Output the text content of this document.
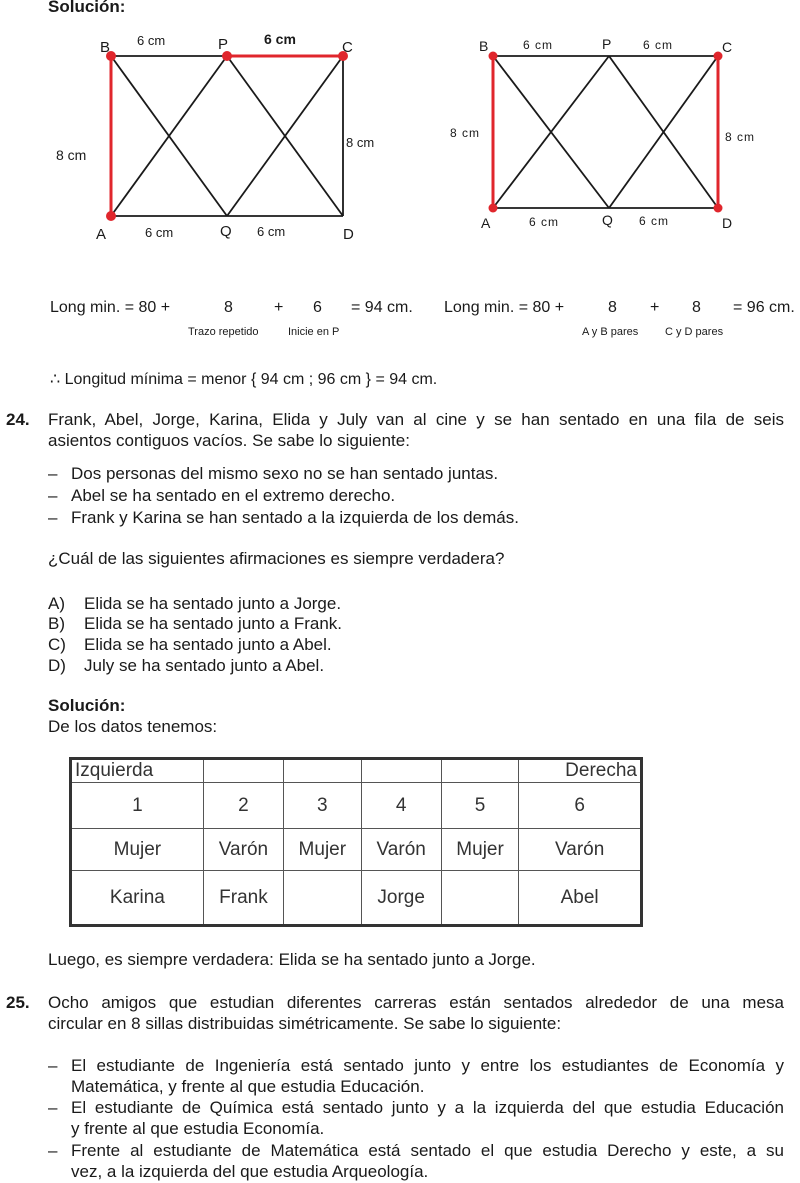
Solución:
B	P	C
A	Q	D
6 cm	6 cm
8 cm
8 cm
6 cm	6 cm
B	P	C
A	Q	D
6 cm	6 cm
8 cm	8 cm
6 cm	6 cm
Long min. = 80 +	8	+ 6 = 94 cm.
Trazo repetido	Inicie en P
Long min. = 80 +	8 + 8 = 96 cm.
A y B pares C y D pares
∴ Longitud mínima = menor { 94 cm ; 96 cm } = 94 cm.
24. Frank, Abel, Jorge, Karina, Elida y July van al cine y se han sentado en una fila de seis
asientos contiguos vacíos. Se sabe lo siguiente:
– Dos personas del mismo sexo no se han sentado juntas.
– Abel se ha sentado en el extremo derecho.
– Frank y Karina se han sentado a la izquierda de los demás.
¿Cuál de las siguientes afirmaciones es siempre verdadera?
A) Elida se ha sentado junto a Jorge.
B) Elida se ha sentado junto a Frank.
C) Elida se ha sentado junto a Abel.
D) July se ha sentado junto a Abel.
Solución:
De los datos tenemos:
Izquierda					Derecha
1	2	3	4	5	6
Mujer	Varón	Mujer	Varón	Mujer	Varón
Karina	Frank		Jorge		Abel
Luego, es siempre verdadera: Elida se ha sentado junto a Jorge.
25. Ocho amigos que estudian diferentes carreras están sentados alrededor de una mesa
circular en 8 sillas distribuidas simétricamente. Se sabe lo siguiente:
– El estudiante de Ingeniería está sentado junto y entre los estudiantes de Economía y
Matemática, y frente al que estudia Educación.
– El estudiante de Química está sentado junto y a la izquierda del que estudia Educación
y frente al que estudia Economía.
– Frente al estudiante de Matemática está sentado el que estudia Derecho y este, a su
vez, a la izquierda del que estudia Arqueología.
